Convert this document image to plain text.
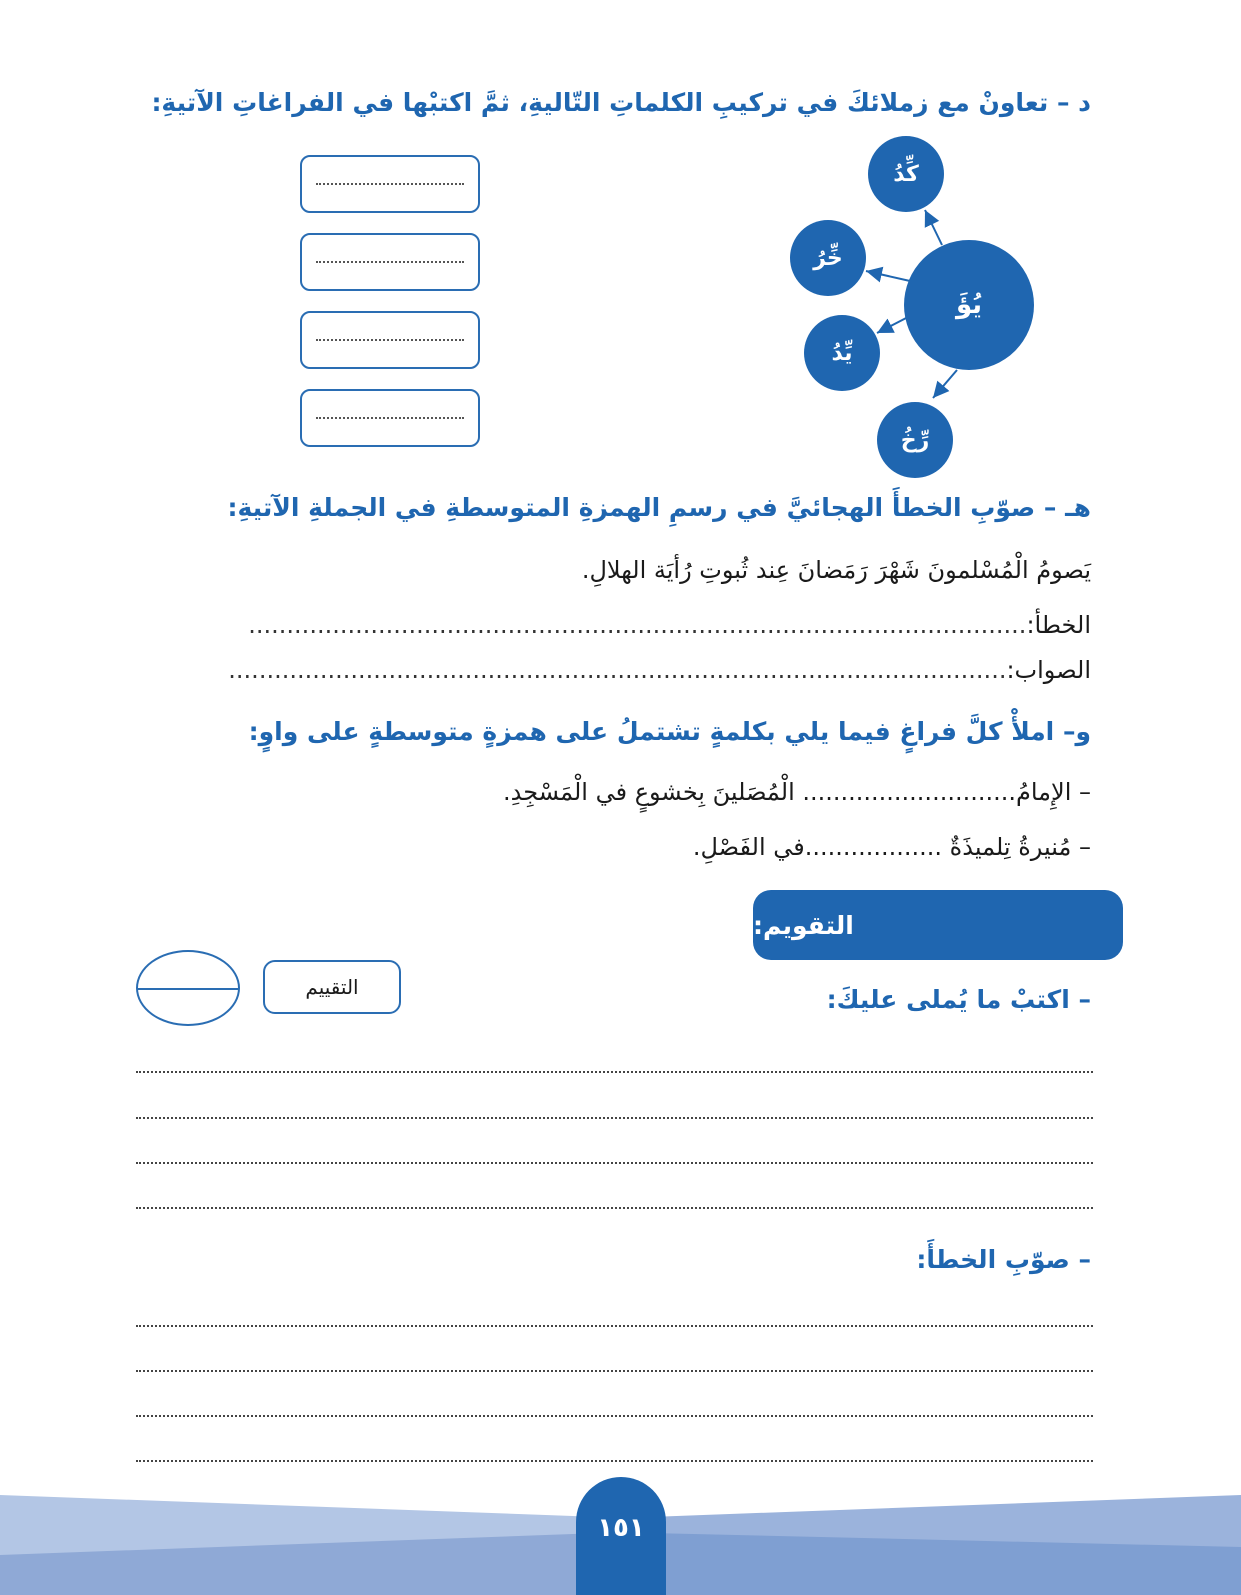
د – تعاونْ مع زملائكَ في تركيبِ الكلماتِ التّاليةِ، ثمَّ اكتبْها في الفراغاتِ الآتيةِ:
يُؤَ
كِّدُ
خِّرُ
يِّدُ
رِّخُ
هـ – صوّبِ الخطأَ الهجائيَّ في رسمِ الهمزةِ المتوسطةِ في الجملةِ الآتيةِ:
يَصومُ الْمُسْلمونَ شَهْرَ رَمَضانَ عِند ثُبوتِ رُأيَة الهلالِ.
الخطأ:......................................................................................................
الصواب:......................................................................................................
و– املأْ كلَّ فراغٍ فيما يلي بكلمةٍ تشتملُ على همزةٍ متوسطةٍ على واوٍ:
– الإِمامُ............................ الْمُصَلينَ بِخشوعٍ في الْمَسْجِدِ.
– مُنيرةُ تِلميذَةٌ ..................في الفَصْلِ.
التقويم:
التقييم	– اكتبْ ما يُملى عليكَ:
– صوّبِ الخطأَ:
١٥١
